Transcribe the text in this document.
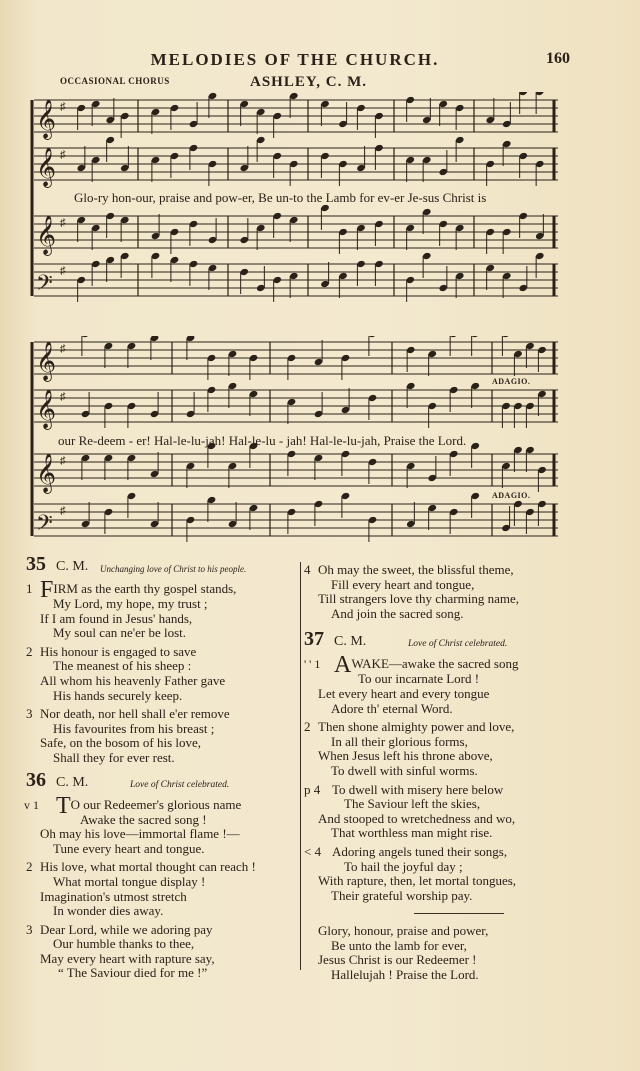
MELODIES OF THE CHURCH.	160
OCCASIONAL CHORUS	ASHLEY, C. M.
𝄞 ♯
𝄞 ♯
𝄞 ♯
𝄢 ♯
Glo-ry hon-our, praise and pow-er, Be un-to the Lamb for ev-er Je-sus Christ is
𝄞 ♯
𝄞 ♯
𝄞 ♯
𝄢 ♯
our Re-deem - er! Hal-le-lu-jah! Hal-le-lu - jah! Hal-le-lu-jah, Praise the Lord.
ADAGIO.
ADAGIO.
35 C. M. Unchanging love of Christ to his people.
1 FIRM as the earth thy gospel stands,
My Lord, my hope, my trust ;
If I am found in Jesus' hands,
My soul can ne'er be lost.
2 His honour is engaged to save
The meanest of his sheep :
All whom his heavenly Father gave
His hands securely keep.
3 Nor death, nor hell shall e'er remove
His favourites from his breast ;
Safe, on the bosom of his love,
Shall they for ever rest.
36 C. M.	Love of Christ celebrated.
v 1 TO our Redeemer's glorious name
Awake the sacred song !
Oh may his love—immortal flame !—
Tune every heart and tongue.
2 His love, what mortal thought can reach !
What mortal tongue display !
Imagination's utmost stretch
In wonder dies away.
3 Dear Lord, while we adoring pay
Our humble thanks to thee,
May every heart with rapture say,
“ The Saviour died for me !”
4 Oh may the sweet, the blissful theme,
Fill every heart and tongue,
Till strangers love thy charming name,
And join the sacred song.
37 C. M.	Love of Christ celebrated.
' ' 1 AWAKE—awake the sacred song
To our incarnate Lord !
Let every heart and every tongue
Adore th' eternal Word.
2 Then shone almighty power and love,
In all their glorious forms,
When Jesus left his throne above,
To dwell with sinful worms.
p 4 To dwell with misery here below
The Saviour left the skies,
And stooped to wretchedness and wo,
That worthless man might rise.
< 4 Adoring angels tuned their songs,
To hail the joyful day ;
With rapture, then, let mortal tongues,
Their grateful worship pay.
Glory, honour, praise and power,
Be unto the lamb for ever,
Jesus Christ is our Redeemer !
Hallelujah ! Praise the Lord.
